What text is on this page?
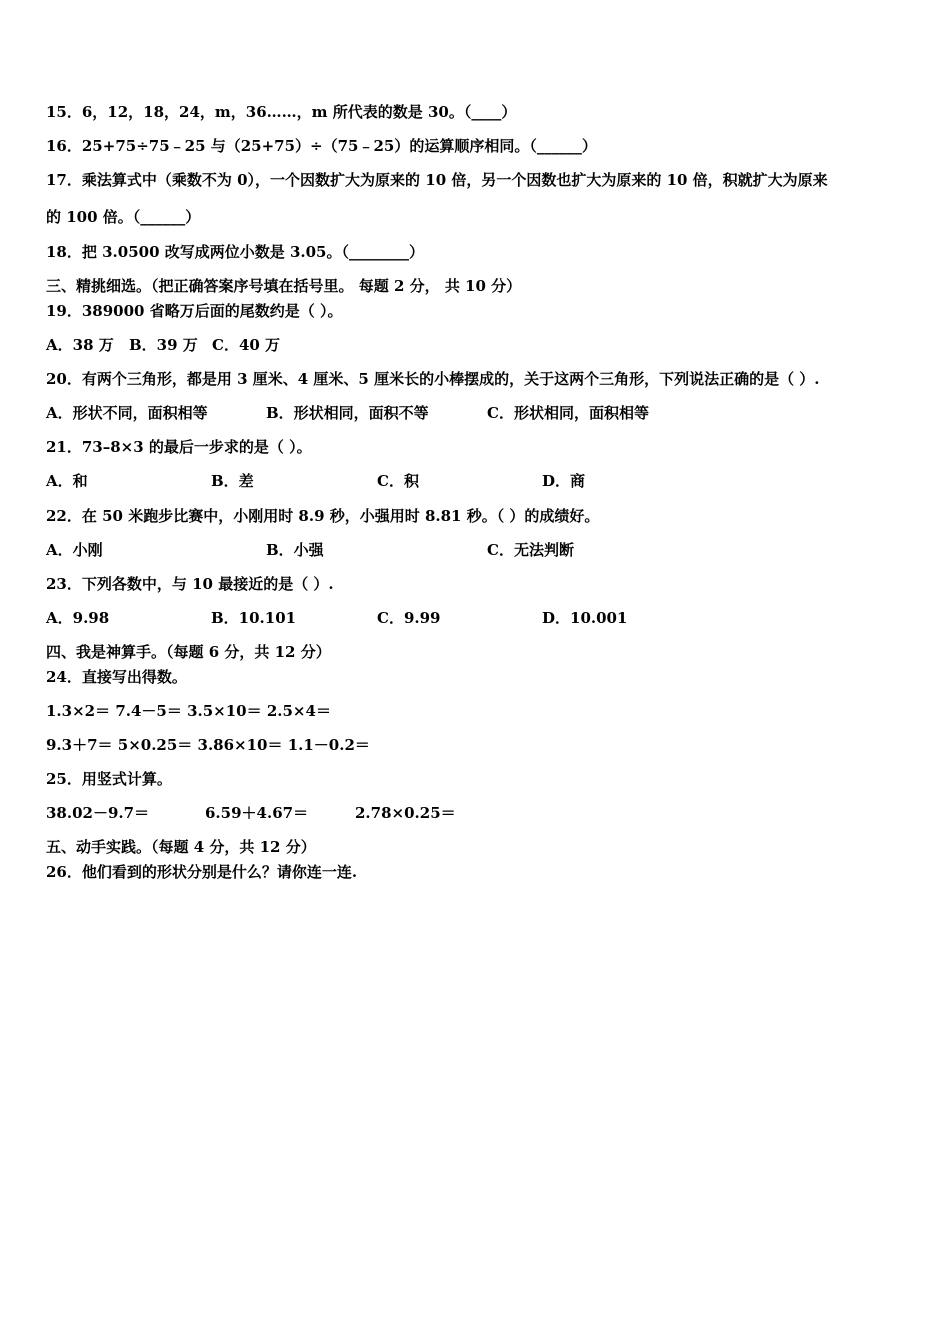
15．6，12，18，24，m，36……，m 所代表的数是 30。（____）
16．25+75÷75﹣25 与（25+75）÷（75﹣25）的运算顺序相同。（______）
17．乘法算式中（乘数不为 0），一个因数扩大为原来的 10 倍，另一个因数也扩大为原来的 10 倍，积就扩大为原来
的 100 倍。（______）
18．把 3.0500 改写成两位小数是 3.05。（________）
三、精挑细选。（把正确答案序号填在括号里。 每题 2 分， 共 10 分）
19．389000 省略万后面的尾数约是（ ）。
A．38 万 B．39 万 C．40 万
20．有两个三角形，都是用 3 厘米、4 厘米、5 厘米长的小棒摆成的，关于这两个三角形，下列说法正确的是（ ）.
A．形状不同，面积相等	B．形状相同，面积不等	C．形状相同，面积相等
21．73–8×3 的最后一步求的是（ ）。
A．和	B．差	C．积	D．商
22．在 50 米跑步比赛中，小刚用时 8.9 秒，小强用时 8.81 秒。（ ）的成绩好。
A．小刚	B．小强	C．无法判断
23．下列各数中，与 10 最接近的是（ ）.
A．9.98	B．10.101	C．9.99	D．10.001
四、我是神算手。（每题 6 分，共 12 分）
24．直接写出得数。
1.3×2＝ 7.4－5＝ 3.5×10＝ 2.5×4＝
9.3＋7＝ 5×0.25＝ 3.86×10＝ 1.1－0.2＝
25．用竖式计算。
38.02－9.7＝	6.59＋4.67＝	2.78×0.25＝
五、动手实践。（每题 4 分，共 12 分）
26．他们看到的形状分别是什么？请你连一连.
